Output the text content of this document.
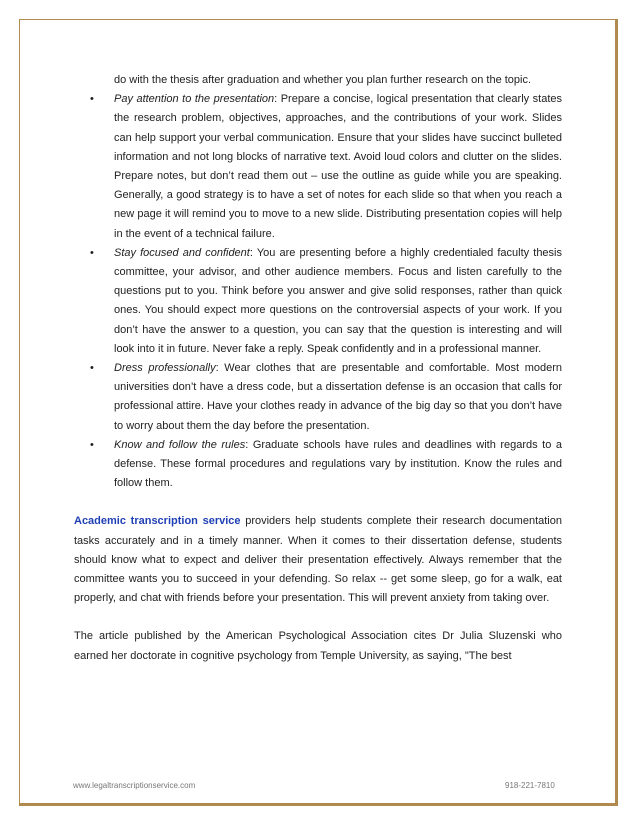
do with the thesis after graduation and whether you plan further research on the topic.

• Pay attention to the presentation: Prepare a concise, logical presentation that clearly states the research problem, objectives, approaches, and the contributions of your work. Slides can help support your verbal communication. Ensure that your slides have succinct bulleted information and not long blocks of narrative text. Avoid loud colors and clutter on the slides. Prepare notes, but don’t read them out – use the outline as guide while you are speaking. Generally, a good strategy is to have a set of notes for each slide so that when you reach a new page it will remind you to move to a new slide. Distributing presentation copies will help in the event of a technical failure.
• Stay focused and confident: You are presenting before a highly credentialed faculty thesis committee, your advisor, and other audience members. Focus and listen carefully to the questions put to you. Think before you answer and give solid responses, rather than quick ones. You should expect more questions on the controversial aspects of your work. If you don’t have the answer to a question, you can say that the question is interesting and will look into it in future. Never fake a reply. Speak confidently and in a professional manner.
• Dress professionally: Wear clothes that are presentable and comfortable. Most modern universities don’t have a dress code, but a dissertation defense is an occasion that calls for professional attire. Have your clothes ready in advance of the big day so that you don’t have to worry about them the day before the presentation.
• Know and follow the rules: Graduate schools have rules and deadlines with regards to a defense. These formal procedures and regulations vary by institution. Know the rules and follow them.

Academic transcription service providers help students complete their research documentation tasks accurately and in a timely manner. When it comes to their dissertation defense, students should know what to expect and deliver their presentation effectively. Always remember that the committee wants you to succeed in your defending. So relax -- get some sleep, go for a walk, eat properly, and chat with friends before your presentation. This will prevent anxiety from taking over.

The article published by the American Psychological Association cites Dr Julia Sluzenski who earned her doctorate in cognitive psychology from Temple University, as saying, "The best

www.legaltranscriptionservice.com	918-221-7810
